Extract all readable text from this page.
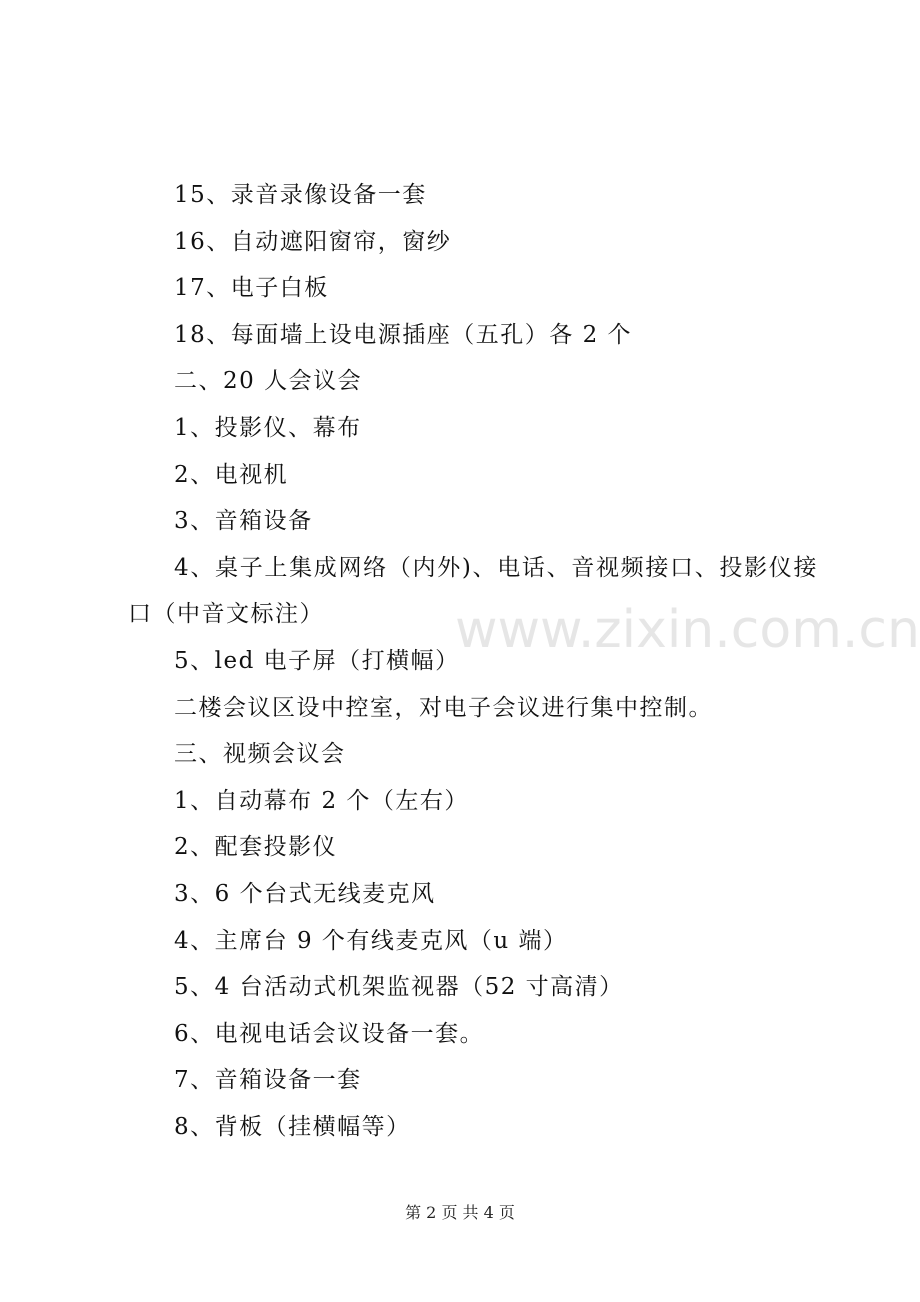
www.zixin.com.cn
15、录音录像设备一套
16、自动遮阳窗帘，窗纱
17、电子白板
18、每面墙上设电源插座（五孔）各 2 个
二、20 人会议会
1、投影仪、幕布
2、电视机
3、音箱设备
4、桌子上集成网络（内外)、电话、音视频接口、投影仪接口（中音文标注）
5、led 电子屏（打横幅）
二楼会议区设中控室，对电子会议进行集中控制。
三、视频会议会
1、自动幕布 2 个（左右）
2、配套投影仪
3、6 个台式无线麦克风
4、主席台 9 个有线麦克风（u 端）
5、4 台活动式机架监视器（52 寸高清）
6、电视电话会议设备一套。
7、音箱设备一套
8、背板（挂横幅等）
第 2 页 共 4 页
